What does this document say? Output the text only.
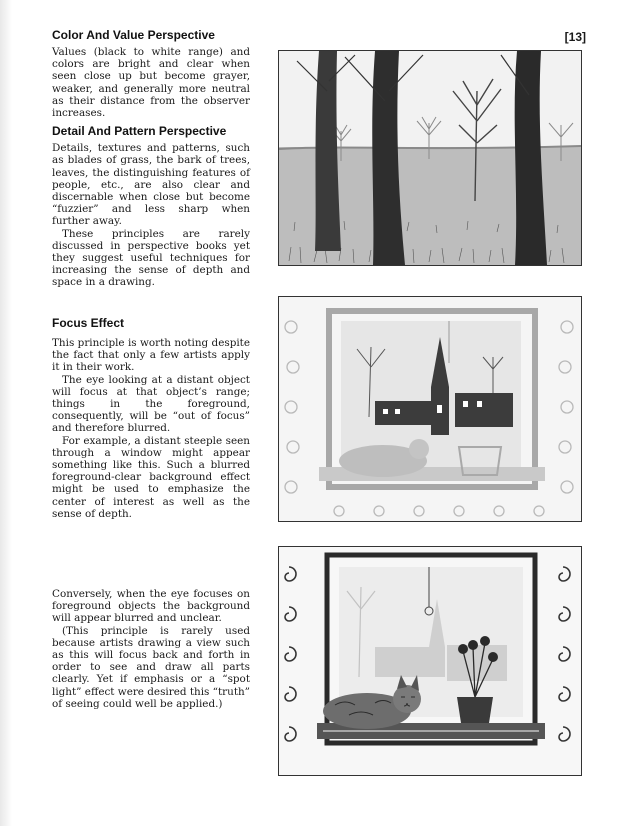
[13]
Color And Value Perspective

Values (black to white range) and colors are bright and clear when seen close up but become grayer, weaker, and generally more neutral as their distance from the observer increases.

Detail And Pattern Perspective

Details, textures and patterns, such as blades of grass, the bark of trees, leaves, the distinguishing features of people, etc., are also clear and discernable when close but become “fuzzier” and less sharp when further away.

These principles are rarely discussed in perspective books yet they suggest useful techniques for increasing the sense of depth and space in a drawing.

Focus Effect

This principle is worth noting despite the fact that only a few artists apply it in their work.

The eye looking at a distant object will focus at that object’s range; things in the foreground, consequently, will be “out of focus” and therefore blurred.

For example, a distant steeple seen through a window might appear something like this. Such a blurred foreground-clear background effect might be used to emphasize the center of interest as well as the sense of depth.

Conversely, when the eye focuses on foreground objects the background will appear blurred and unclear.

(This principle is rarely used because artists drawing a view such as this will focus back and forth in order to see and draw all parts clearly. Yet if emphasis or a “spot light” effect were desired this “truth” of seeing could well be applied.)
